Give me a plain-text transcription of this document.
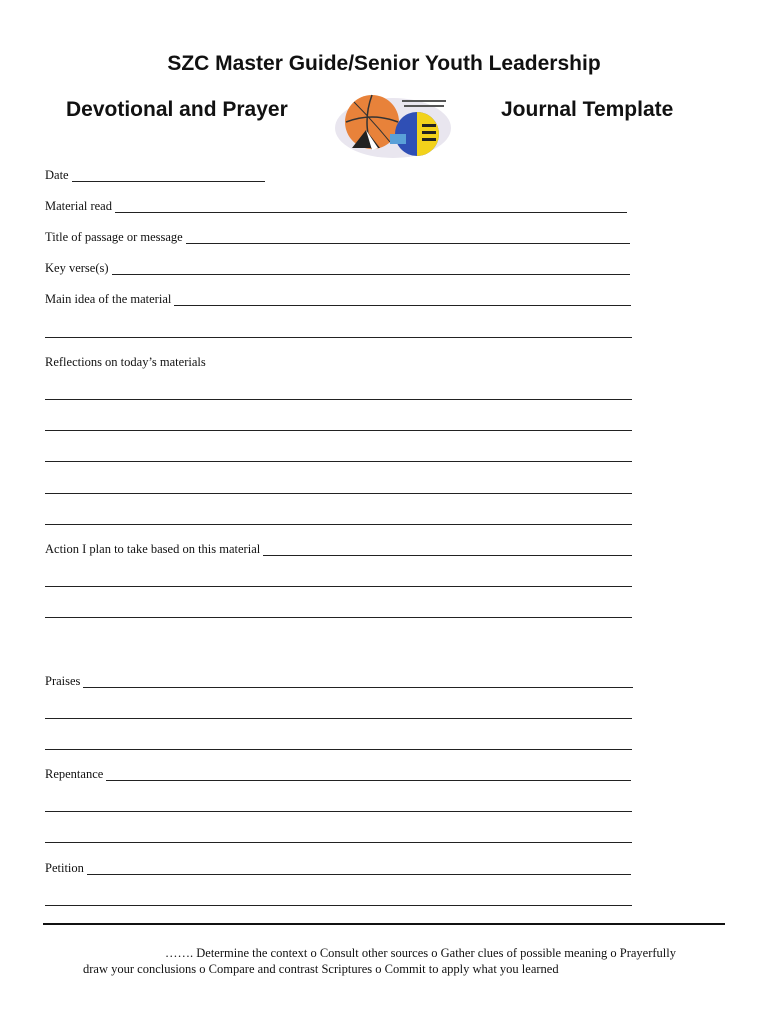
SZC Master Guide/Senior Youth Leadership
Devotional and Prayer	Journal Template
Date
Material read
Title of passage or message
Key verse(s)
Main idea of the material
Reflections on today’s materials
Action I plan to take based on this material
Praises
Repentance
Petition
……. Determine the context o Consult other sources o Gather clues of possible meaning o Prayerfully
draw your conclusions o Compare and contrast Scriptures o Commit to apply what you learned
